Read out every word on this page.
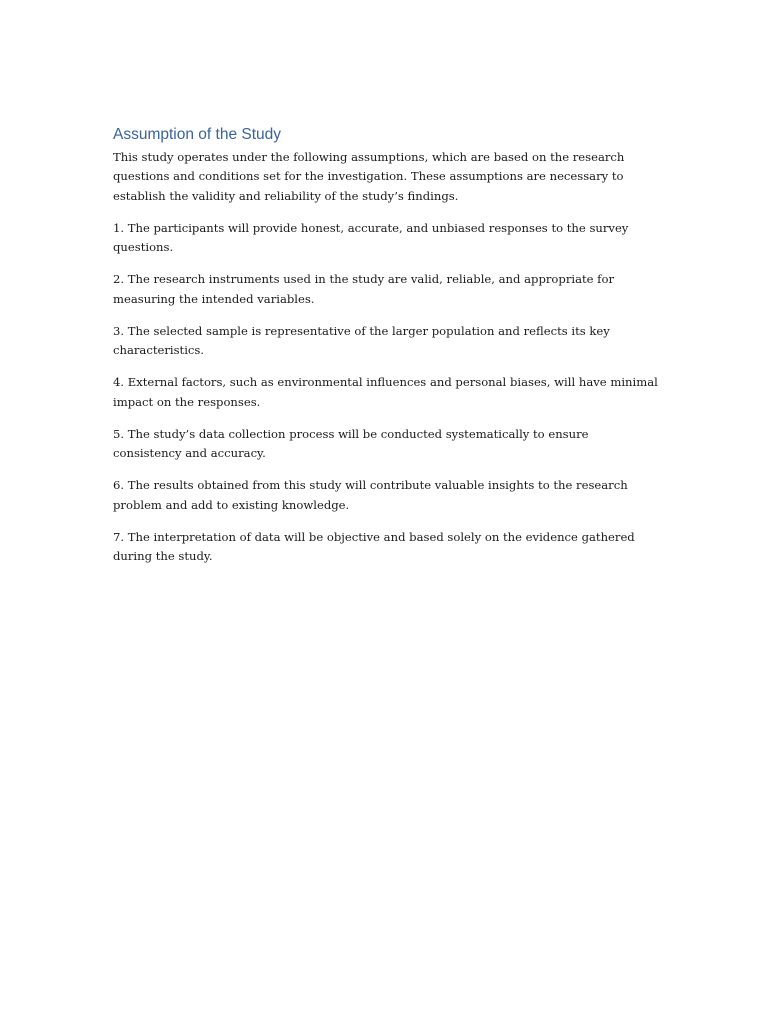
Assumption of the Study

This study operates under the following assumptions, which are based on the research questions and conditions set for the investigation. These assumptions are necessary to establish the validity and reliability of the study’s findings.

1. The participants will provide honest, accurate, and unbiased responses to the survey questions.

2. The research instruments used in the study are valid, reliable, and appropriate for measuring the intended variables.

3. The selected sample is representative of the larger population and reflects its key characteristics.

4. External factors, such as environmental influences and personal biases, will have minimal impact on the responses.

5. The study’s data collection process will be conducted systematically to ensure consistency and accuracy.

6. The results obtained from this study will contribute valuable insights to the research problem and add to existing knowledge.

7. The interpretation of data will be objective and based solely on the evidence gathered during the study.
